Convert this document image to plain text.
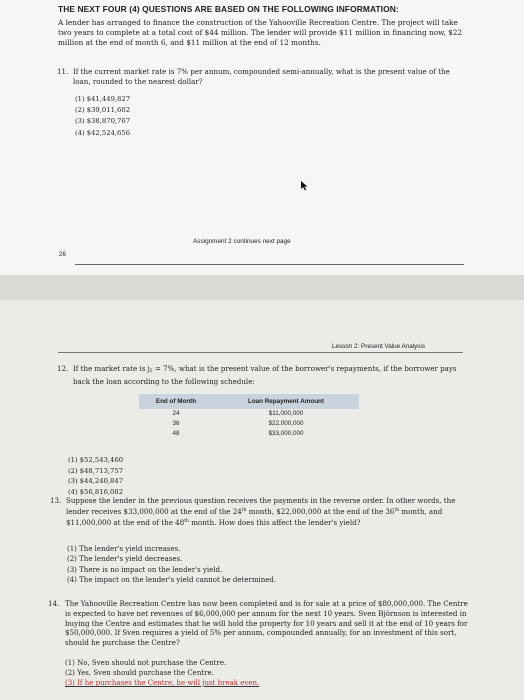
THE NEXT FOUR (4) QUESTIONS ARE BASED ON THE FOLLOWING INFORMATION:
A lender has arranged to finance the construction of the Yahooville Recreation Centre. The project will take two years to complete at a total cost of $44 million. The lender will provide $11 million in financing now, $22 million at the end of month 6, and $11 million at the end of 12 months.
11. If the current market rate is 7% per annum, compounded semi-annually, what is the present value of the loan, rounded to the nearest dollar?
(1) $41,449,827
(2) $39,011,602
(3) $38,870,767
(4) $42,524,656
Assignment 2 continues next page
26
Lesson 2: Present Value Analysis
12. If the market rate is $j_2 = 7\%$, what is the present value of the borrower's repayments, if the borrower pays back the loan according to the following schedule:
End of Month	Loan Repayment Amount
24	$11,000,000
36	$22,000,000
48	$33,000,000
(1) $52,543,460
(2) $48,713,757
(3) $44,240,847
(4) $56,816,082
13. Suppose the lender in the previous question receives the payments in the reverse order. In other words, the lender receives $33,000,000 at the end of the 24th month, $22,000,000 at the end of the 36th month, and $11,000,000 at the end of the 48th month. How does this affect the lender's yield?
(1) The lender's yield increases.
(2) The lender's yield decreases.
(3) There is no impact on the lender's yield.
(4) The impact on the lender's yield cannot be determined.
14. The Yahooville Recreation Centre has now been completed and is for sale at a price of $80,000,000. The Centre is expected to have net revenues of $6,000,000 per annum for the next 10 years. Sven Björnson is interested in buying the Centre and estimates that he will hold the property for 10 years and sell it at the end of 10 years for $50,000,000. If Sven requires a yield of 5% per annum, compounded annually, for an investment of this sort, should he purchase the Centre?
(1) No, Sven should not purchase the Centre.
(2) Yes, Sven should purchase the Centre.
(3) If he purchases the Centre, he will just break even.
